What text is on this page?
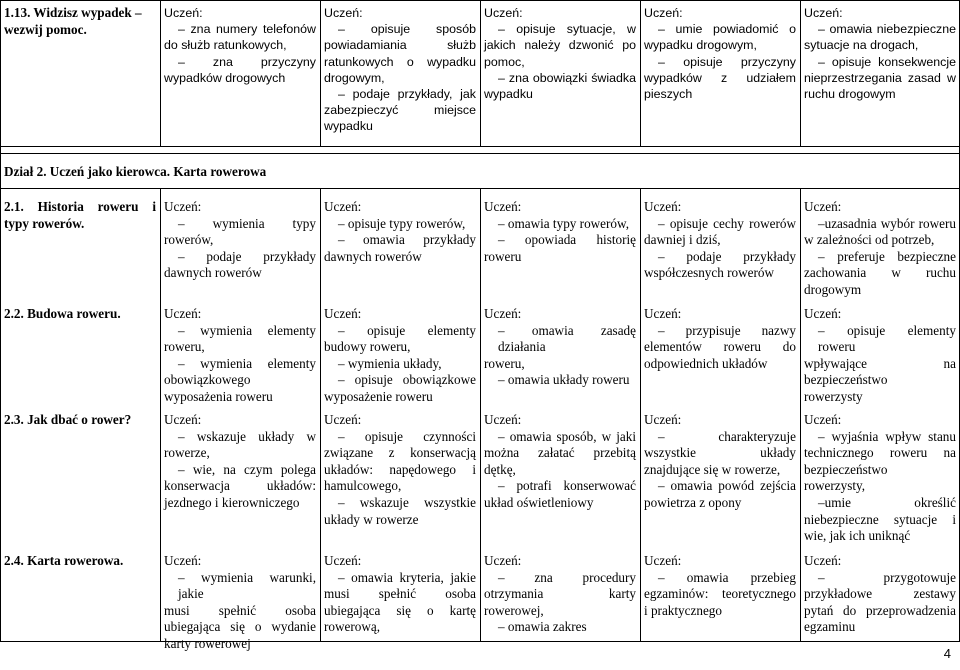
1.13. Widzisz wypadek –
wezwij pomoc.
Uczeń:
– zna numery telefonów
do służb ratunkowych,
– zna przyczyny
wypadków drogowych
Uczeń:
– opisuje sposób
powiadamiania służb
ratunkowych o wypadku
drogowym,
– podaje przykłady, jak
zabezpieczyć miejsce
wypadku
Uczeń:
– opisuje sytuacje, w
jakich należy dzwonić po
pomoc,
– zna obowiązki świadka
wypadku
Uczeń:
– umie powiadomić o
wypadku drogowym,
– opisuje przyczyny
wypadków z udziałem
pieszych
Uczeń:
– omawia niebezpieczne
sytuacje na drogach,
– opisuje konsekwencje
nieprzestrzegania zasad w
ruchu drogowym
Dział 2. Uczeń jako kierowca. Karta rowerowa
2.1. Historia roweru i
typy rowerów.
Uczeń:
– wymienia typy
rowerów,
– podaje przykłady
dawnych rowerów
Uczeń:
– opisuje typy rowerów,
– omawia przykłady
dawnych rowerów
Uczeń:
– omawia typy rowerów,
– opowiada historię
roweru
Uczeń:
– opisuje cechy rowerów
dawniej i dziś,
– podaje przykłady
współczesnych rowerów
Uczeń:
–uzasadnia wybór roweru
w zależności od potrzeb,
– preferuje bezpieczne
zachowania w ruchu
drogowym
2.2. Budowa roweru.	Uczeń:
– wymienia elementy
roweru,
– wymienia elementy
obowiązkowego
wyposażenia roweru
Uczeń:
– opisuje elementy
budowy roweru,
– wymienia układy,
– opisuje obowiązkowe
wyposażenie roweru
Uczeń:
– omawia zasadę działania
roweru,
– omawia układy roweru
Uczeń:
– przypisuje nazwy
elementów roweru do
odpowiednich układów
Uczeń:
– opisuje elementy roweru
wpływające na
bezpieczeństwo
rowerzysty
2.3. Jak dbać o rower?	Uczeń:
– wskazuje układy w
rowerze,
– wie, na czym polega
konserwacja układów:
jezdnego i kierowniczego
Uczeń:
– opisuje czynności
związane z konserwacją
układów: napędowego i
hamulcowego,
– wskazuje wszystkie
układy w rowerze
Uczeń:
– omawia sposób, w jaki
można załatać przebitą
dętkę,
– potrafi konserwować
układ oświetleniowy
Uczeń:
– charakteryzuje
wszystkie układy
znajdujące się w rowerze,
– omawia powód zejścia
powietrza z opony
Uczeń:
– wyjaśnia wpływ stanu
technicznego roweru na
bezpieczeństwo
rowerzysty,
–umie określić
niebezpieczne sytuacje i
wie, jak ich uniknąć
2.4. Karta rowerowa.	Uczeń:
– wymienia warunki, jakie
musi spełnić osoba
ubiegająca się o wydanie
karty rowerowej
Uczeń:
– omawia kryteria, jakie
musi spełnić osoba
ubiegająca się o kartę
rowerową,
Uczeń:
– zna procedury
otrzymania karty
rowerowej,
– omawia zakres
Uczeń:
– omawia przebieg
egzaminów: teoretycznego
i praktycznego
Uczeń:
– przygotowuje
przykładowe zestawy
pytań do przeprowadzenia
egzaminu
4
